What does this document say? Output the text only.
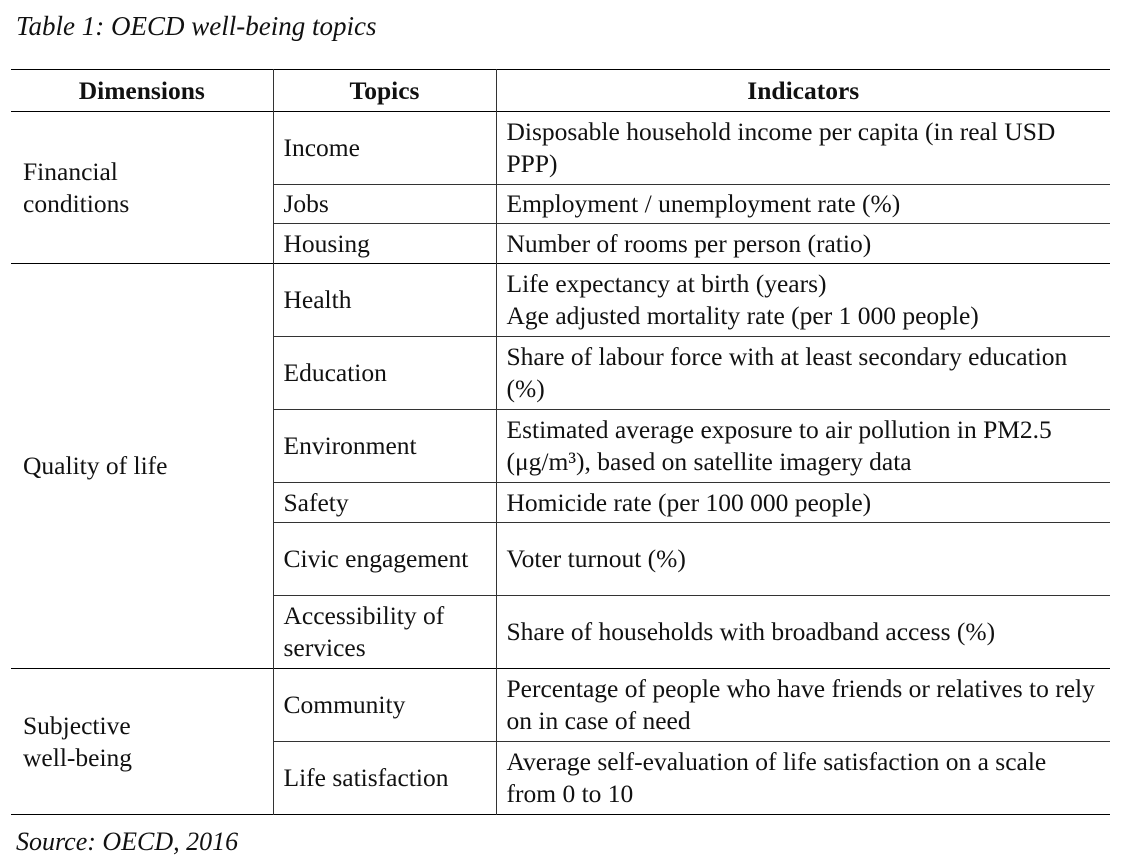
Table 1: OECD well-being topics
Dimensions	Topics	Indicators

Financial conditions	Income	Disposable household income per capita (in real USD PPP)
	Jobs	Employment / unemployment rate (%)
	Housing	Number of rooms per person (ratio)
Quality of life	Health	Life expectancy at birth (years)
Age adjusted mortality rate (per 1 000 people)

	Education	Share of labour force with at least secondary education (%)
	Environment	Estimated average exposure to air pollution in PM2.5 (μg/m³), based on satellite imagery data
	Safety	Homicide rate (per 100 000 people)
	Civic engagement	Voter turnout (%)
	Accessibility of services	Share of households with broadband access (%)

Subjective well-being	Community	Percentage of people who have friends or relatives to rely on in case of need
	Life satisfaction	Average self-evaluation of life satisfaction on a scale from 0 to 10
Source: OECD, 2016
